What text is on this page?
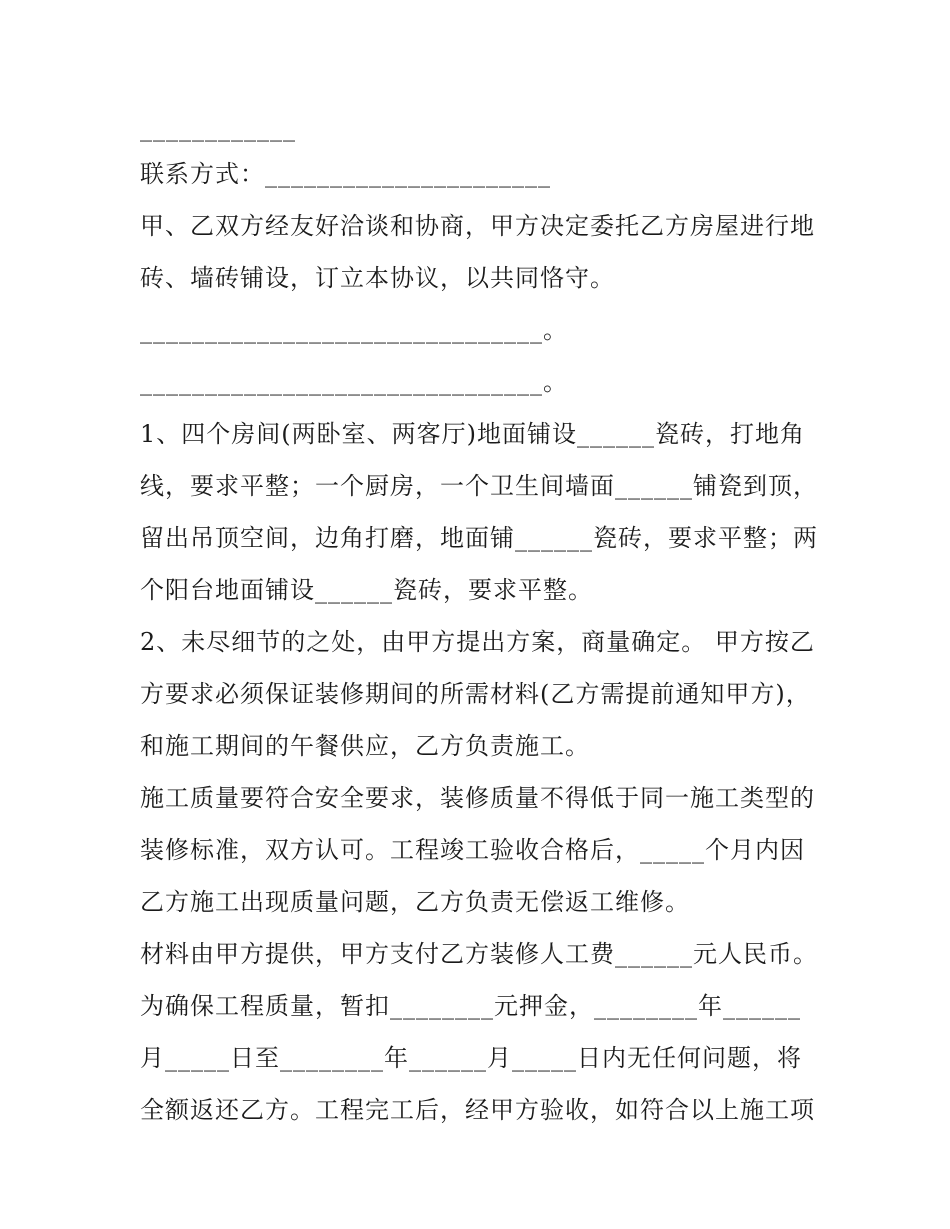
____________
联系方式：______________________
甲、乙双方经友好洽谈和协商，甲方决定委托乙方房屋进行地
砖、墙砖铺设，订立本协议，以共同恪守。
_______________________________。
_______________________________。
1、四个房间(两卧室、两客厅)地面铺设______瓷砖，打地角
线，要求平整；一个厨房，一个卫生间墙面______铺瓷到顶，
留出吊顶空间，边角打磨，地面铺______瓷砖，要求平整；两
个阳台地面铺设______瓷砖，要求平整。
2、未尽细节的之处，由甲方提出方案，商量确定。 甲方按乙
方要求必须保证装修期间的所需材料(乙方需提前通知甲方)，
和施工期间的午餐供应，乙方负责施工。
施工质量要符合安全要求，装修质量不得低于同一施工类型的
装修标准，双方认可。工程竣工验收合格后，_____个月内因
乙方施工出现质量问题，乙方负责无偿返工维修。
材料由甲方提供，甲方支付乙方装修人工费______元人民币。
为确保工程质量，暂扣________元押金，________年______
月_____日至________年______月_____日内无任何问题，将
全额返还乙方。工程完工后，经甲方验收，如符合以上施工项
